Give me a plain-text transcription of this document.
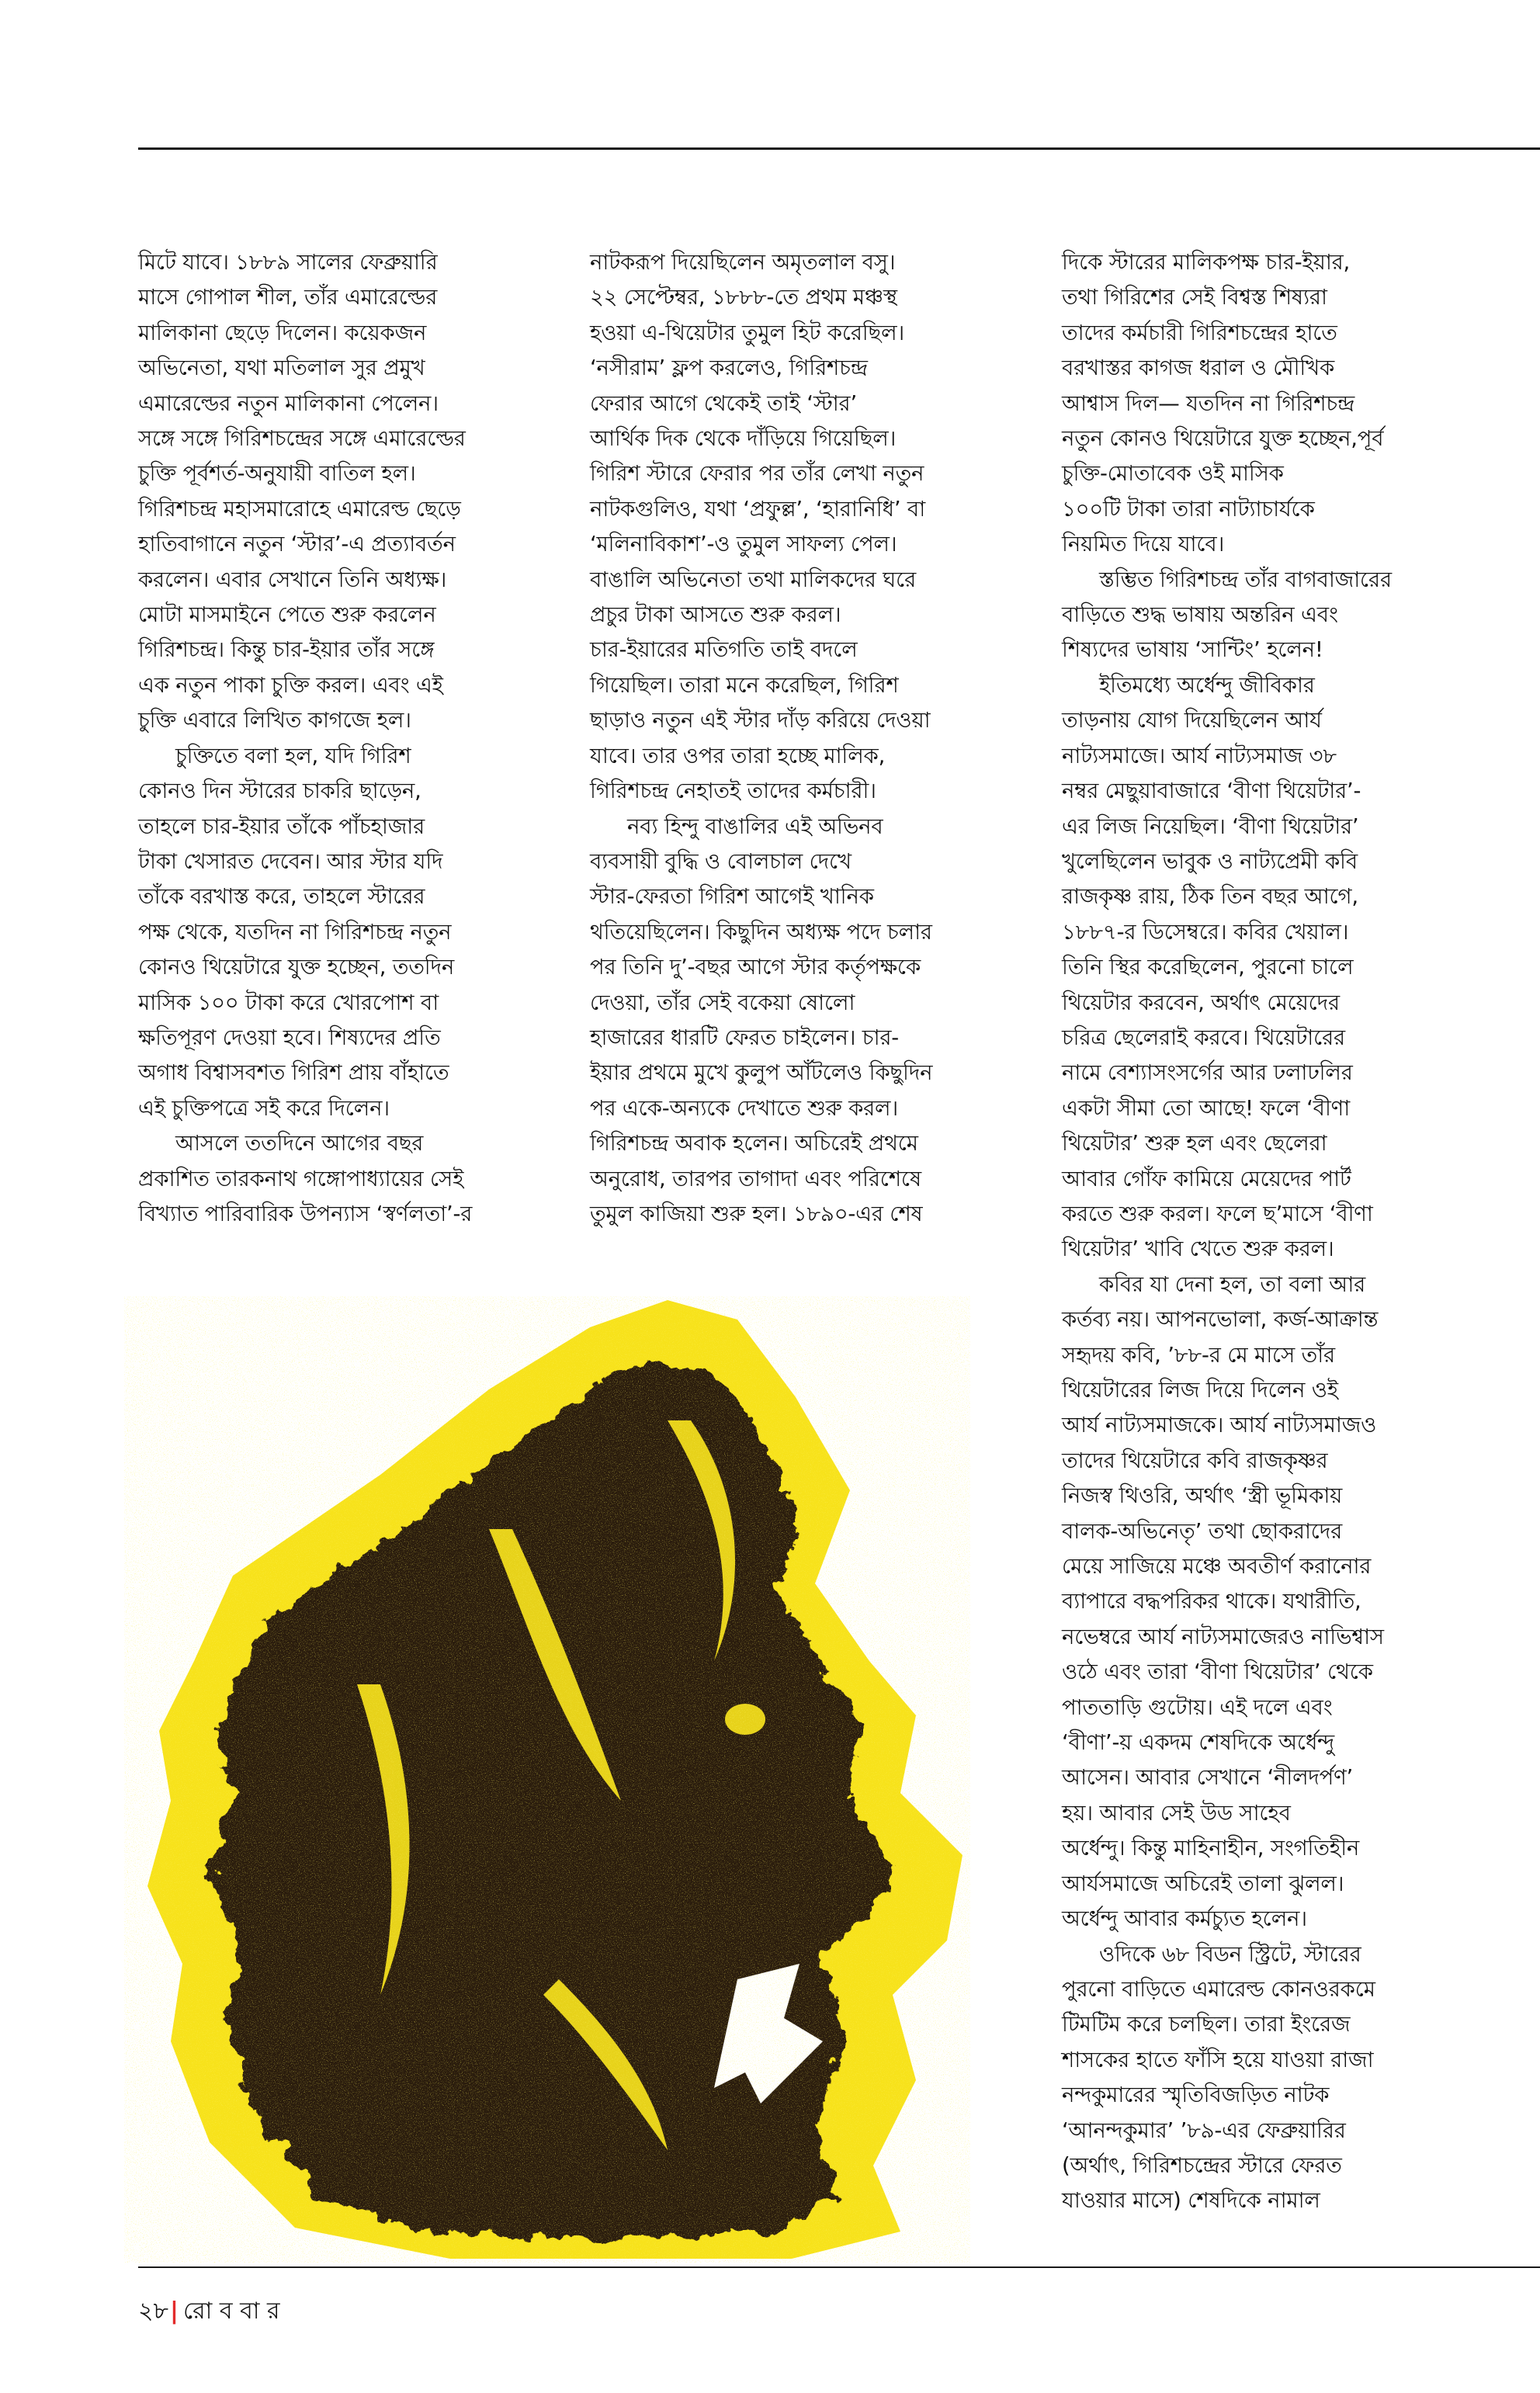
মিটে যাবে। ১৮৮৯ সালের ফেব্রুয়ারি

মাসে গোপাল শীল, তাঁর এমারেল্ডের

মালিকানা ছেড়ে দিলেন। কয়েকজন

অভিনেতা, যথা মতিলাল সুর প্রমুখ

এমারেল্ডের নতুন মালিকানা পেলেন।

সঙ্গে সঙ্গে গিরিশচন্দ্রের সঙ্গে এমারেল্ডের

চুক্তি পূর্বশর্ত-অনুযায়ী বাতিল হল।

গিরিশচন্দ্র মহাসমারোহে এমারেল্ড ছেড়ে

হাতিবাগানে নতুন ‘স্টার’-এ প্রত্যাবর্তন

করলেন। এবার সেখানে তিনি অধ্যক্ষ।

মোটা মাসমাইনে পেতে শুরু করলেন

গিরিশচন্দ্র। কিন্তু চার-ইয়ার তাঁর সঙ্গে

এক নতুন পাকা চুক্তি করল। এবং এই

চুক্তি এবারে লিখিত কাগজে হল।

চুক্তিতে বলা হল, যদি গিরিশ

কোনও দিন স্টারের চাকরি ছাড়েন,

তাহলে চার-ইয়ার তাঁকে পাঁচহাজার

টাকা খেসারত দেবেন। আর স্টার যদি

তাঁকে বরখাস্ত করে, তাহলে স্টারের

পক্ষ থেকে, যতদিন না গিরিশচন্দ্র নতুন

কোনও থিয়েটারে যুক্ত হচ্ছেন, ততদিন

মাসিক ১০০ টাকা করে খোরপোশ বা

ক্ষতিপূরণ দেওয়া হবে। শিষ্যদের প্রতি

অগাধ বিশ্বাসবশত গিরিশ প্রায় বাঁহাতে

এই চুক্তিপত্রে সই করে দিলেন।

আসলে ততদিনে আগের বছর

প্রকাশিত তারকনাথ গঙ্গোপাধ্যায়ের সেই

বিখ্যাত পারিবারিক উপন্যাস ‘স্বর্ণলতা’-র

নাটকরূপ দিয়েছিলেন অমৃতলাল বসু।

২২ সেপ্টেম্বর, ১৮৮৮-তে প্রথম মঞ্চস্থ

হওয়া এ-থিয়েটার তুমুল হিট করেছিল।

‘নসীরাম’ ফ্লপ করলেও, গিরিশচন্দ্র

ফেরার আগে থেকেই তাই ‘স্টার’

আর্থিক দিক থেকে দাঁড়িয়ে গিয়েছিল।

গিরিশ স্টারে ফেরার পর তাঁর লেখা নতুন

নাটকগুলিও, যথা ‘প্রফুল্ল’, ‘হারানিধি’ বা

‘মলিনাবিকাশ’-ও তুমুল সাফল্য পেল।

বাঙালি অভিনেতা তথা মালিকদের ঘরে

প্রচুর টাকা আসতে শুরু করল।

চার-ইয়ারের মতিগতি তাই বদলে

গিয়েছিল। তারা মনে করেছিল, গিরিশ

ছাড়াও নতুন এই স্টার দাঁড় করিয়ে দেওয়া

যাবে। তার ওপর তারা হচ্ছে মালিক,

গিরিশচন্দ্র নেহাতই তাদের কর্মচারী।

নব্য হিন্দু বাঙালির এই অভিনব

ব্যবসায়ী বুদ্ধি ও বোলচাল দেখে

স্টার-ফেরতা গিরিশ আগেই খানিক

থতিয়েছিলেন। কিছুদিন অধ্যক্ষ পদে চলার

পর তিনি দু’-বছর আগে স্টার কর্তৃপক্ষকে

দেওয়া, তাঁর সেই বকেয়া ষোলো

হাজারের ধারটি ফেরত চাইলেন। চার-

ইয়ার প্রথমে মুখে কুলুপ আঁটলেও কিছুদিন

পর একে-অন্যকে দেখাতে শুরু করল।

গিরিশচন্দ্র অবাক হলেন। অচিরেই প্রথমে

অনুরোধ, তারপর তাগাদা এবং পরিশেষে

তুমুল কাজিয়া শুরু হল। ১৮৯০-এর শেষ

দিকে স্টারের মালিকপক্ষ চার-ইয়ার,

তথা গিরিশের সেই বিশ্বস্ত শিষ্যরা

তাদের কর্মচারী গিরিশচন্দ্রের হাতে

বরখাস্তর কাগজ ধরাল ও মৌখিক

আশ্বাস দিল— যতদিন না গিরিশচন্দ্র

নতুন কোনও থিয়েটারে যুক্ত হচ্ছেন,পূর্ব

চুক্তি-মোতাবেক ওই মাসিক

১০০টি টাকা তারা নাট্যাচার্যকে

নিয়মিত দিয়ে যাবে।

স্তম্ভিত গিরিশচন্দ্র তাঁর বাগবাজারের

বাড়িতে শুদ্ধ ভাষায় অন্তরিন এবং

শিষ্যদের ভাষায় ‘সান্টিং’ হলেন!

ইতিমধ্যে অর্ধেন্দু জীবিকার

তাড়নায় যোগ দিয়েছিলেন আর্য

নাট্যসমাজে। আর্য নাট্যসমাজ ৩৮

নম্বর মেছুয়াবাজারে ‘বীণা থিয়েটার’-

এর লিজ নিয়েছিল। ‘বীণা থিয়েটার’

খুলেছিলেন ভাবুক ও নাট্যপ্রেমী কবি

রাজকৃষ্ণ রায়, ঠিক তিন বছর আগে,

১৮৮৭-র ডিসেম্বরে। কবির খেয়াল।

তিনি স্থির করেছিলেন, পুরনো চালে

থিয়েটার করবেন, অর্থাৎ মেয়েদের

চরিত্র ছেলেরাই করবে। থিয়েটারের

নামে বেশ্যাসংসর্গের আর ঢলাঢলির

একটা সীমা তো আছে! ফলে ‘বীণা

থিয়েটার’ শুরু হল এবং ছেলেরা

আবার গোঁফ কামিয়ে মেয়েদের পার্ট

করতে শুরু করল। ফলে ছ’মাসে ‘বীণা

থিয়েটার’ খাবি খেতে শুরু করল।

কবির যা দেনা হল, তা বলা আর

কর্তব্য নয়। আপনভোলা, কর্জ-আক্রান্ত

সহৃদয় কবি, ’৮৮-র মে মাসে তাঁর

থিয়েটারের লিজ দিয়ে দিলেন ওই

আর্য নাট্যসমাজকে। আর্য নাট্যসমাজও

তাদের থিয়েটারে কবি রাজকৃষ্ণর

নিজস্ব থিওরি, অর্থাৎ ‘স্ত্রী ভূমিকায়

বালক-অভিনেতৃ’ তথা ছোকরাদের

মেয়ে সাজিয়ে মঞ্চে অবতীর্ণ করানোর

ব্যাপারে বদ্ধপরিকর থাকে। যথারীতি,

নভেম্বরে আর্য নাট্যসমাজেরও নাভিশ্বাস

ওঠে এবং তারা ‘বীণা থিয়েটার’ থেকে

পাততাড়ি গুটোয়। এই দলে এবং

‘বীণা’-য় একদম শেষদিকে অর্ধেন্দু

আসেন। আবার সেখানে ‘নীলদর্পণ’

হয়। আবার সেই উড সাহেব

অর্ধেন্দু। কিন্তু মাহিনাহীন, সংগতিহীন

আর্যসমাজে অচিরেই তালা ঝুলল।

অর্ধেন্দু আবার কর্মচ্যুত হলেন।

ওদিকে ৬৮ বিডন স্ট্রিটে, স্টারের

পুরনো বাড়িতে এমারেল্ড কোনওরকমে

টিমটিম করে চলছিল। তারা ইংরেজ

শাসকের হাতে ফাঁসি হয়ে যাওয়া রাজা

নন্দকুমারের স্মৃতিবিজড়িত নাটক

‘আনন্দকুমার’ ’৮৯-এর ফেব্রুয়ারির

(অর্থাৎ, গিরিশচন্দ্রের স্টারে ফেরত

যাওয়ার মাসে) শেষদিকে নামাল

২৮| রো ব বা র
